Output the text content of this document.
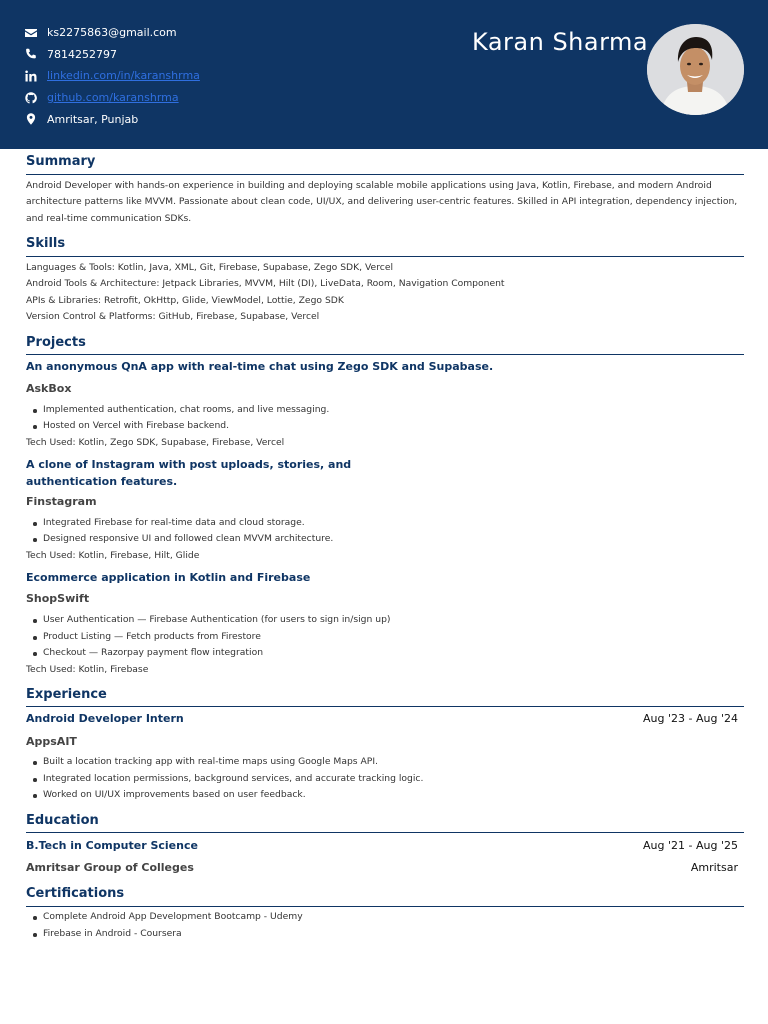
ks2275863@gmail.com
7814252797
linkedin.com/in/karanshrma
github.com/karanshrma
Amritsar, Punjab
Karan Sharma
Summary
Android Developer with hands-on experience in building and deploying scalable mobile applications using Java, Kotlin, Firebase, and modern Android architecture patterns like MVVM. Passionate about clean code, UI/UX, and delivering user-centric features. Skilled in API integration, dependency injection, and real-time communication SDKs.
Skills
Languages & Tools: Kotlin, Java, XML, Git, Firebase, Supabase, Zego SDK, Vercel
Android Tools & Architecture: Jetpack Libraries, MVVM, Hilt (DI), LiveData, Room, Navigation Component
APIs & Libraries: Retrofit, OkHttp, Glide, ViewModel, Lottie, Zego SDK
Version Control & Platforms: GitHub, Firebase, Supabase, Vercel
Projects
An anonymous QnA app with real-time chat using Zego SDK and Supabase.
AskBox
Implemented authentication, chat rooms, and live messaging.
Hosted on Vercel with Firebase backend.
Tech Used: Kotlin, Zego SDK, Supabase, Firebase, Vercel
A clone of Instagram with post uploads, stories, and authentication features.
Finstagram
Integrated Firebase for real-time data and cloud storage.
Designed responsive UI and followed clean MVVM architecture.
Tech Used: Kotlin, Firebase, Hilt, Glide
Ecommerce application in Kotlin and Firebase
ShopSwift
User Authentication — Firebase Authentication (for users to sign in/sign up)
Product Listing — Fetch products from Firestore
Checkout — Razorpay payment flow integration
Tech Used: Kotlin, Firebase
Experience
Android Developer Intern	Aug '23 - Aug '24
AppsAIT
Built a location tracking app with real-time maps using Google Maps API.
Integrated location permissions, background services, and accurate tracking logic.
Worked on UI/UX improvements based on user feedback.
Education
B.Tech in Computer Science	Aug '21 - Aug '25
Amritsar Group of Colleges	Amritsar
Certifications
Complete Android App Development Bootcamp - Udemy
Firebase in Android - Coursera
